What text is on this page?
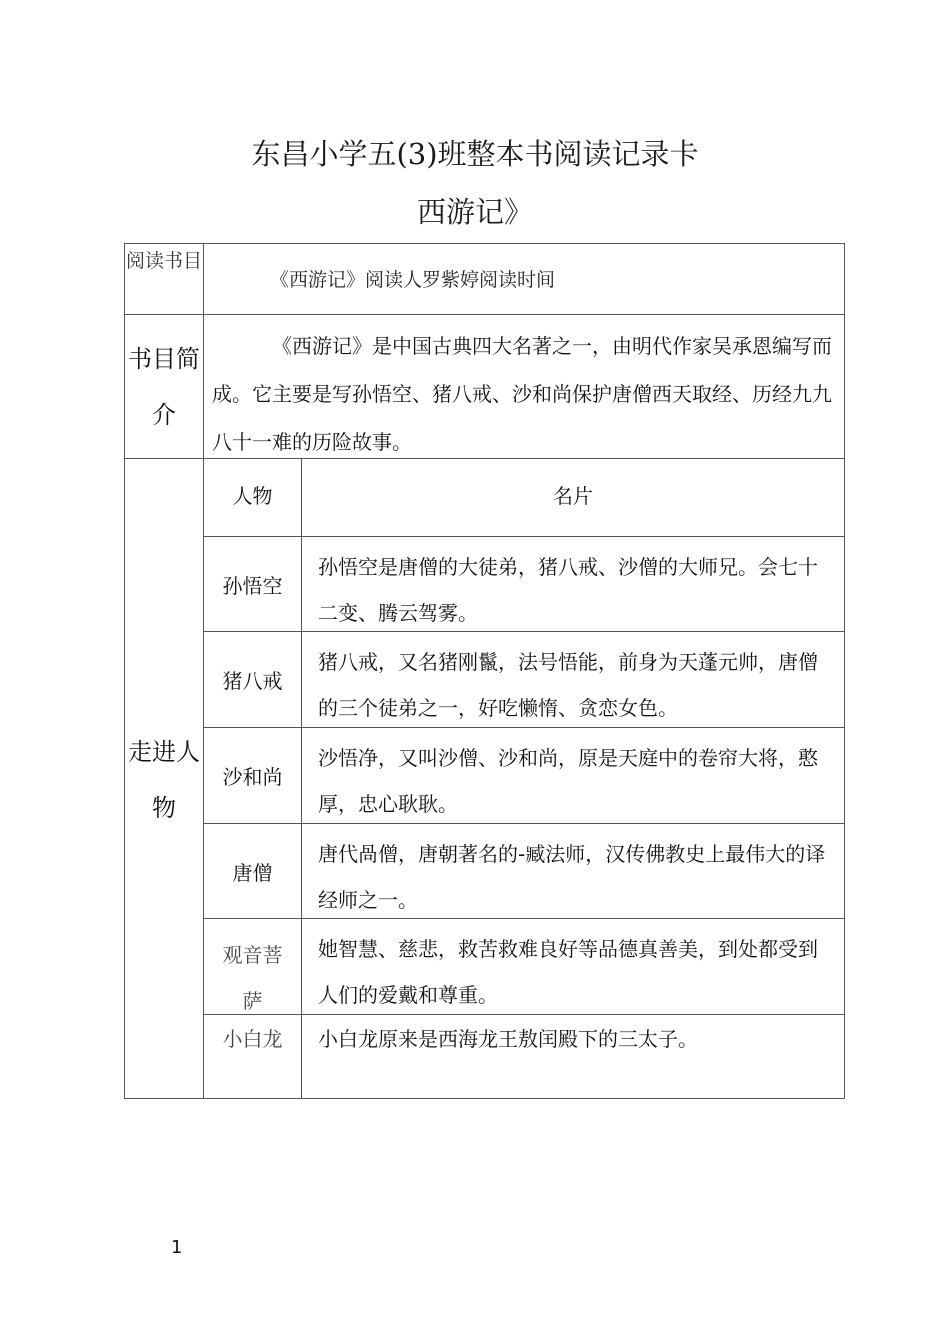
东昌小学五(3)班整本书阅读记录卡
西游记》
阅读书目
《西游记》阅读人罗紫婷阅读时间
书目简介
《西游记》是中国古典四大名著之一，由明代作家吴承恩编写而成。它主要是写孙悟空、猪八戒、沙和尚保护唐僧西天取经、历经九九八十一难的历险故事。
走进人物
人物	名片
孙悟空
孙悟空是唐僧的大徒弟，猪八戒、沙僧的大师兄。会七十二变、腾云驾雾。
猪八戒
猪八戒，又名猪刚鬣，法号悟能，前身为天蓬元帅，唐僧的三个徒弟之一，好吃懒惰、贪恋女色。
沙和尚
沙悟净，又叫沙僧、沙和尚，原是天庭中的卷帘大将，憨厚，忠心耿耿。
唐僧
唐代咼僧，唐朝著名的-臧法师，汉传佛教史上最伟大的译经师之一。
观音菩萨
她智慧、慈悲，救苦救难良好等品德真善美，到处都受到人们的爱戴和尊重。
小白龙	小白龙原来是西海龙王敖闰殿下的三太子。
1
